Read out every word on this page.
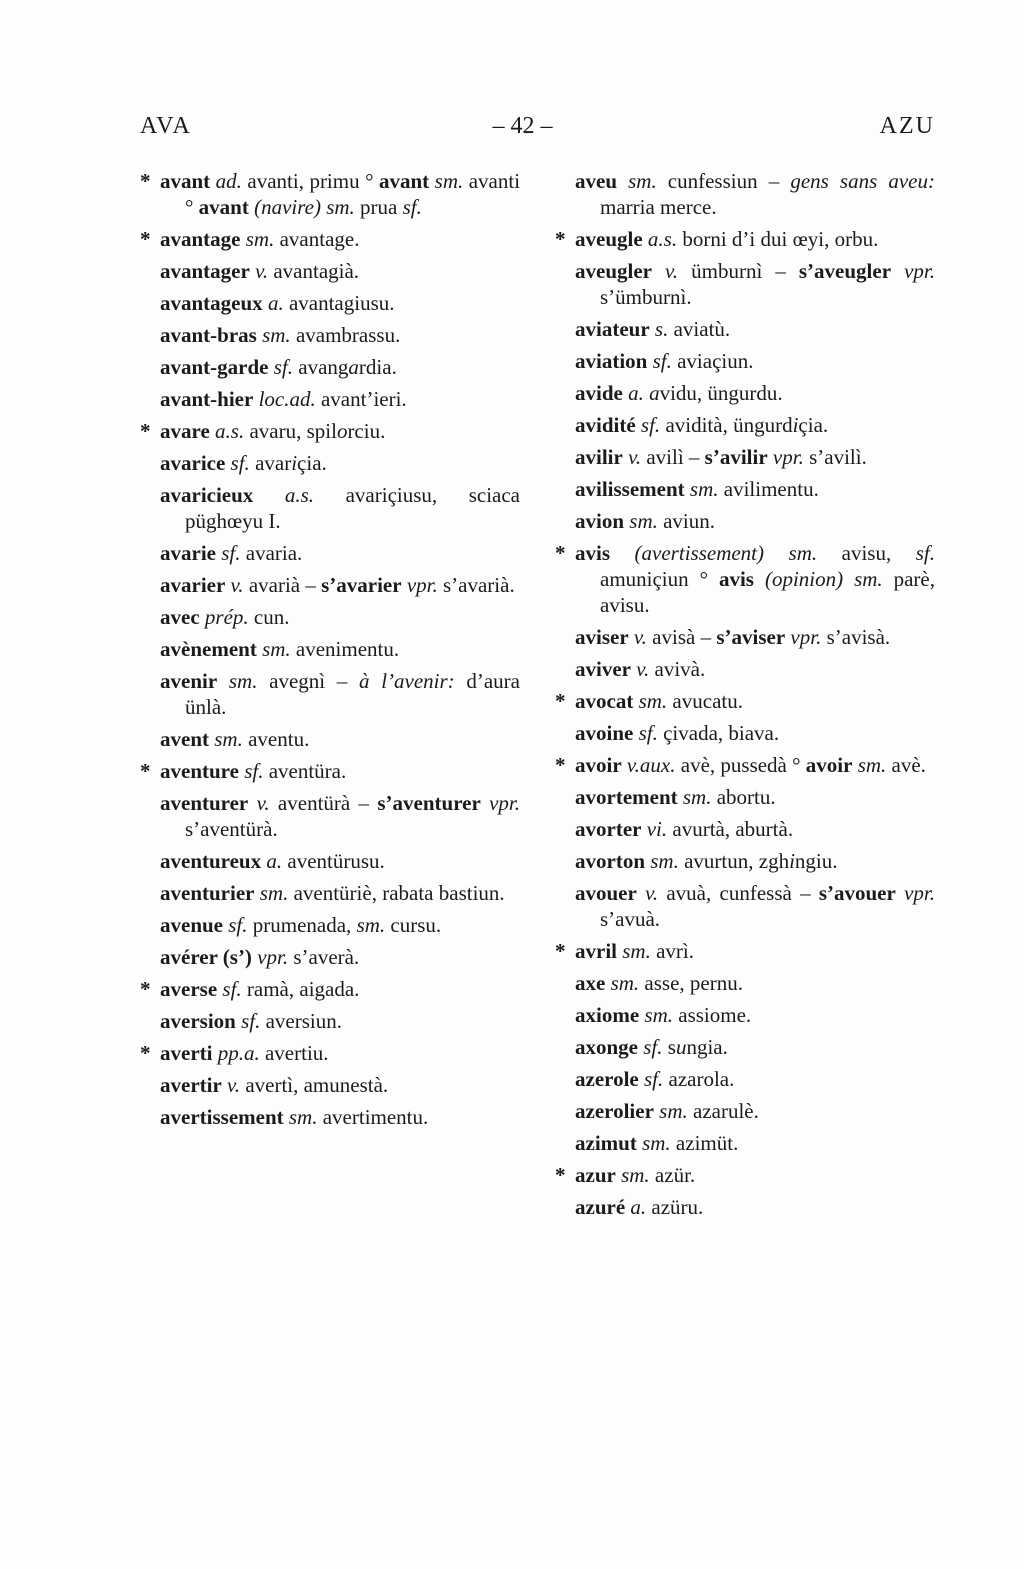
AVA	– 42 –	AZU
* avant ad. avanti, primu ° avant sm. avanti ° avant (navire) sm. prua sf.
* avantage sm. avantage.
avantager v. avantagià.
avantageux a. avantagiusu.
avant-bras sm. avambrassu.
avant-garde sf. avangardia.
avant-hier loc.ad. avant’ieri.
* avare a.s. avaru, spilorciu.
avarice sf. avariçia.
avaricieux a.s. avariçiusu, sciaca püghœyu I.
avarie sf. avaria.
avarier v. avarià – s’avarier vpr. s’avarià.
avec prép. cun.
avènement sm. avenimentu.
avenir sm. avegnì – à l’avenir: d’aura ünlà.
avent sm. aventu.
* aventure sf. aventüra.
aventurer v. aventürà – s’aventurer vpr. s’aventürà.
aventureux a. aventürusu.
aventurier sm. aventüriè, rabata bastiun.
avenue sf. prumenada, sm. cursu.
avérer (s’) vpr. s’averà.
* averse sf. ramà, aigada.
aversion sf. aversiun.
* averti pp.a. avertiu.
avertir v. avertì, amunestà.
avertissement sm. avertimentu.
aveu sm. cunfessiun – gens sans aveu: marria merce.
* aveugle a.s. borni d’i dui œyi, orbu.
aveugler v. ümburnì – s’aveugler vpr. s’ümburnì.
aviateur s. aviatù.
aviation sf. aviaçiun.
avide a. avidu, üngurdu.
avidité sf. avidità, üngurdiçia.
avilir v. avilì – s’avilir vpr. s’avilì.
avilissement sm. avilimentu.
avion sm. aviun.
* avis (avertissement) sm. avisu, sf. amuniçiun ° avis (opinion) sm. parè, avisu.
aviser v. avisà – s’aviser vpr. s’avisà.
aviver v. avivà.
* avocat sm. avucatu.
avoine sf. çivada, biava.
* avoir v.aux. avè, pussedà ° avoir sm. avè.
avortement sm. abortu.
avorter vi. avurtà, aburtà.
avorton sm. avurtun, zghingiu.
avouer v. avuà, cunfessà – s’avouer vpr. s’avuà.
* avril sm. avrì.
axe sm. asse, pernu.
axiome sm. assiome.
axonge sf. sungia.
azerole sf. azarola.
azerolier sm. azarulè.
azimut sm. azimüt.
* azur sm. azür.
azuré a. azüru.
